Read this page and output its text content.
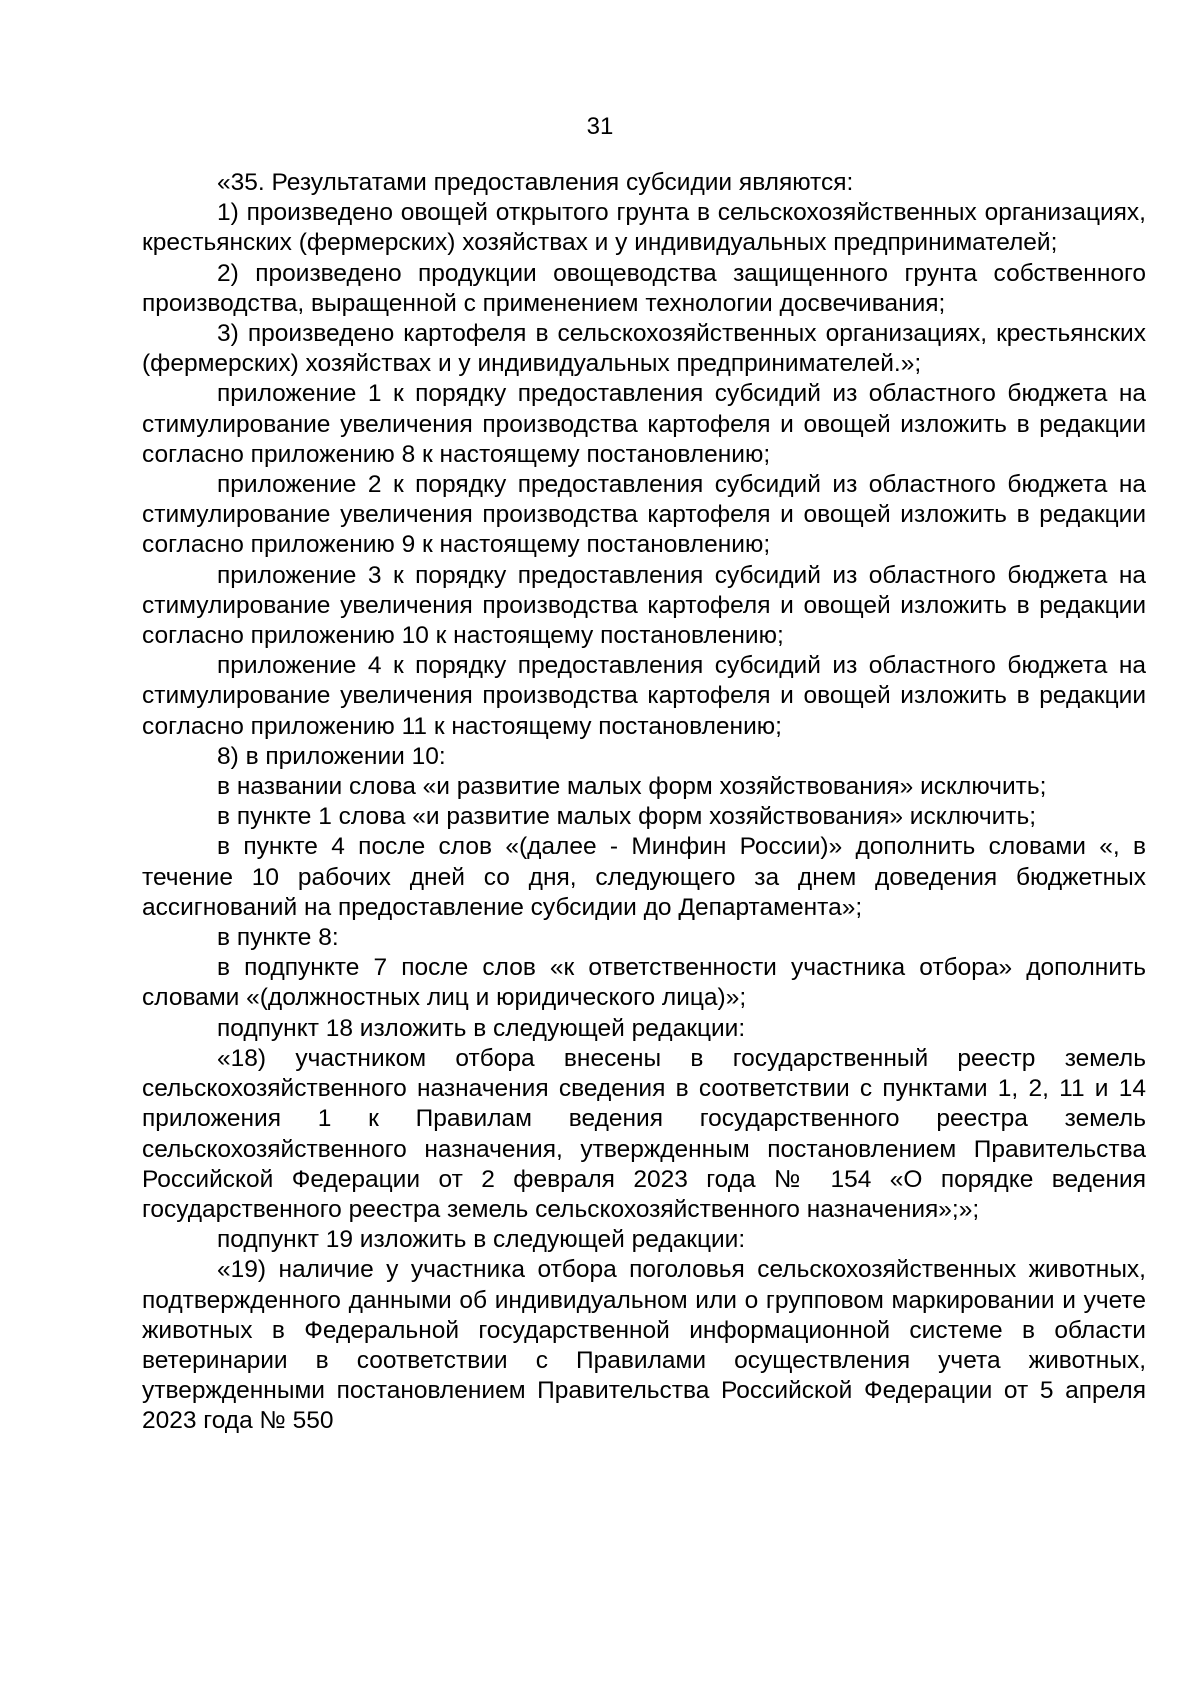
31

«35. Результатами предоставления субсидии являются:

1) произведено овощей открытого грунта в сельскохозяйственных организациях, крестьянских (фермерских) хозяйствах и у индивидуальных предпринимателей;

2) произведено продукции овощеводства защищенного грунта собственного производства, выращенной с применением технологии досвечивания;

3) произведено картофеля в сельскохозяйственных организациях, крестьянских (фермерских) хозяйствах и у индивидуальных предпринимателей.»;

приложение 1 к порядку предоставления субсидий из областного бюджета на стимулирование увеличения производства картофеля и овощей изложить в редакции согласно приложению 8 к настоящему постановлению;

приложение 2 к порядку предоставления субсидий из областного бюджета на стимулирование увеличения производства картофеля и овощей изложить в редакции согласно приложению 9 к настоящему постановлению;

приложение 3 к порядку предоставления субсидий из областного бюджета на стимулирование увеличения производства картофеля и овощей изложить в редакции согласно приложению 10 к настоящему постановлению;

приложение 4 к порядку предоставления субсидий из областного бюджета на стимулирование увеличения производства картофеля и овощей изложить в редакции согласно приложению 11 к настоящему постановлению;

8) в приложении 10:

в названии слова «и развитие малых форм хозяйствования» исключить;

в пункте 1 слова «и развитие малых форм хозяйствования» исключить;

в пункте 4 после слов «(далее - Минфин России)» дополнить словами «, в течение 10 рабочих дней со дня, следующего за днем доведения бюджетных ассигнований на предоставление субсидии до Департамента»;

в пункте 8:

в подпункте 7 после слов «к ответственности участника отбора» дополнить словами «(должностных лиц и юридического лица)»;

подпункт 18 изложить в следующей редакции:

«18) участником отбора внесены в государственный реестр земель сельскохозяйственного назначения сведения в соответствии с пунктами 1, 2, 11 и 14 приложения 1 к Правилам ведения государственного реестра земель сельскохозяйственного назначения, утвержденным постановлением Правительства Российской Федерации от 2 февраля 2023 года № 154 «О порядке ведения государственного реестра земель сельскохозяйственного назначения»;»;

подпункт 19 изложить в следующей редакции:

«19) наличие у участника отбора поголовья сельскохозяйственных животных, подтвержденного данными об индивидуальном или о групповом маркировании и учете животных в Федеральной государственной информационной системе в области ветеринарии в соответствии с Правилами осуществления учета животных, утвержденными постановлением Правительства Российской Федерации от 5 апреля 2023 года № 550
